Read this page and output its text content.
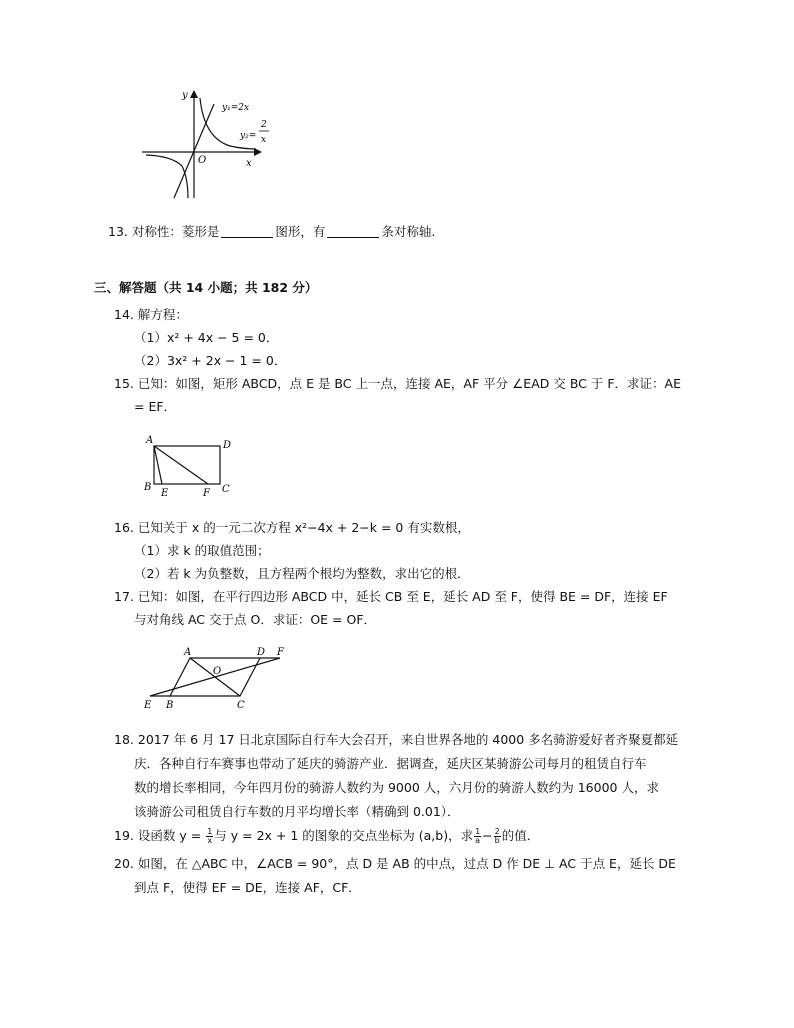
y
x
O
y₁=2x
y₂=
2
x
13. 对称性：菱形是	图形，有	条对称轴.
三、解答题（共 14 小题；共 182 分）
14. 解方程：
（1）x² + 4x − 5 = 0．
（2）3x² + 2x − 1 = 0．
15. 已知：如图，矩形 ABCD，点 E 是 BC 上一点，连接 AE，AF 平分 ∠EAD 交 BC 于 F．求证：AE
= EF．
A	D
B
E	F C
16. 已知关于 x 的一元二次方程 x²−4x + 2−k = 0 有实数根，
（1）求 k 的取值范围；
（2）若 k 为负整数，且方程两个根均为整数，求出它的根．
17. 已知：如图，在平行四边形 ABCD 中，延长 CB 至 E，延长 AD 至 F，使得 BE = DF，连接 EF
与对角线 AC 交于点 O．求证：OE = OF．
A	D F
O
E B	C
18. 2017 年 6 月 17 日北京国际自行车大会召开，来自世界各地的 4000 多名骑游爱好者齐聚夏都延
庆．各种自行车赛事也带动了延庆的骑游产业．据调查，延庆区某骑游公司每月的租赁自行车
数的增长率相同，今年四月份的骑游人数约为 9000 人，六月份的骑游人数约为 16000 人，求
该骑游公司租赁自行车数的月平均增长率（精确到 0.01）．
19. 设函数 $y = \frac{1}{x}$ 与 y = 2x + 1 的图象的交点坐标为 (a,b)，求 $\frac{1}{a} - \frac{2}{b}$ 的值．
20. 如图，在 △ABC 中，∠ACB = 90°，点 D 是 AB 的中点，过点 D 作 DE ⊥ AC 于点 E，延长 DE
到点 F，使得 EF = DE，连接 AF，CF．
